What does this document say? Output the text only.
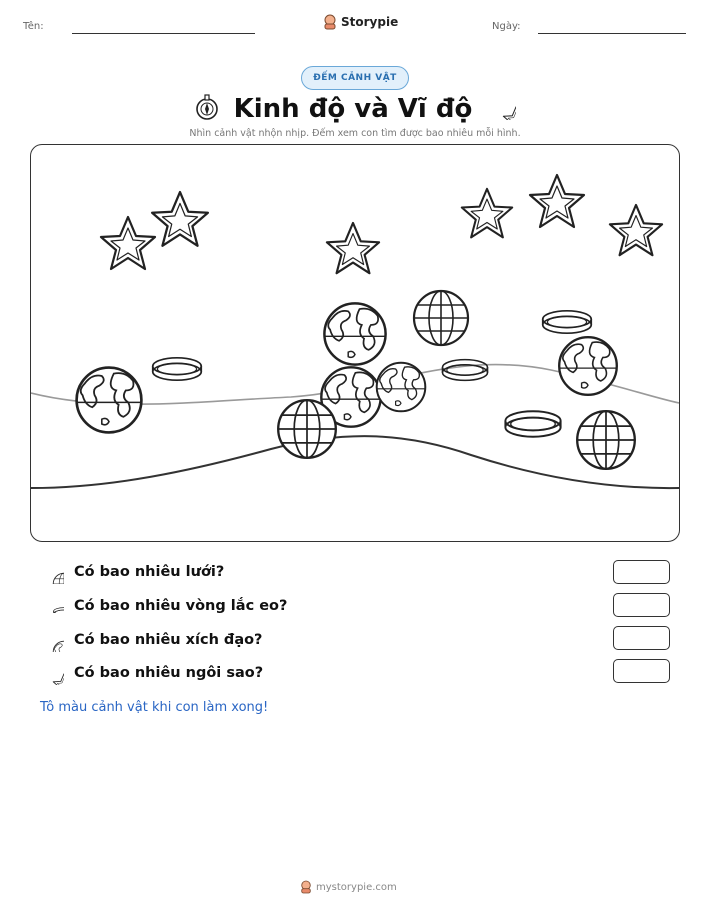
Tên:	Storypie	Ngày:
ĐẾM CẢNH VẬT
Kinh độ và Vĩ độ
Nhìn cảnh vật nhộn nhịp. Đếm xem con tìm được bao nhiêu mỗi hình.
Có bao nhiêu lưới?
Có bao nhiêu vòng lắc eo?
Có bao nhiêu xích đạo?
Có bao nhiêu ngôi sao?
Tô màu cảnh vật khi con làm xong!
mystorypie.com
